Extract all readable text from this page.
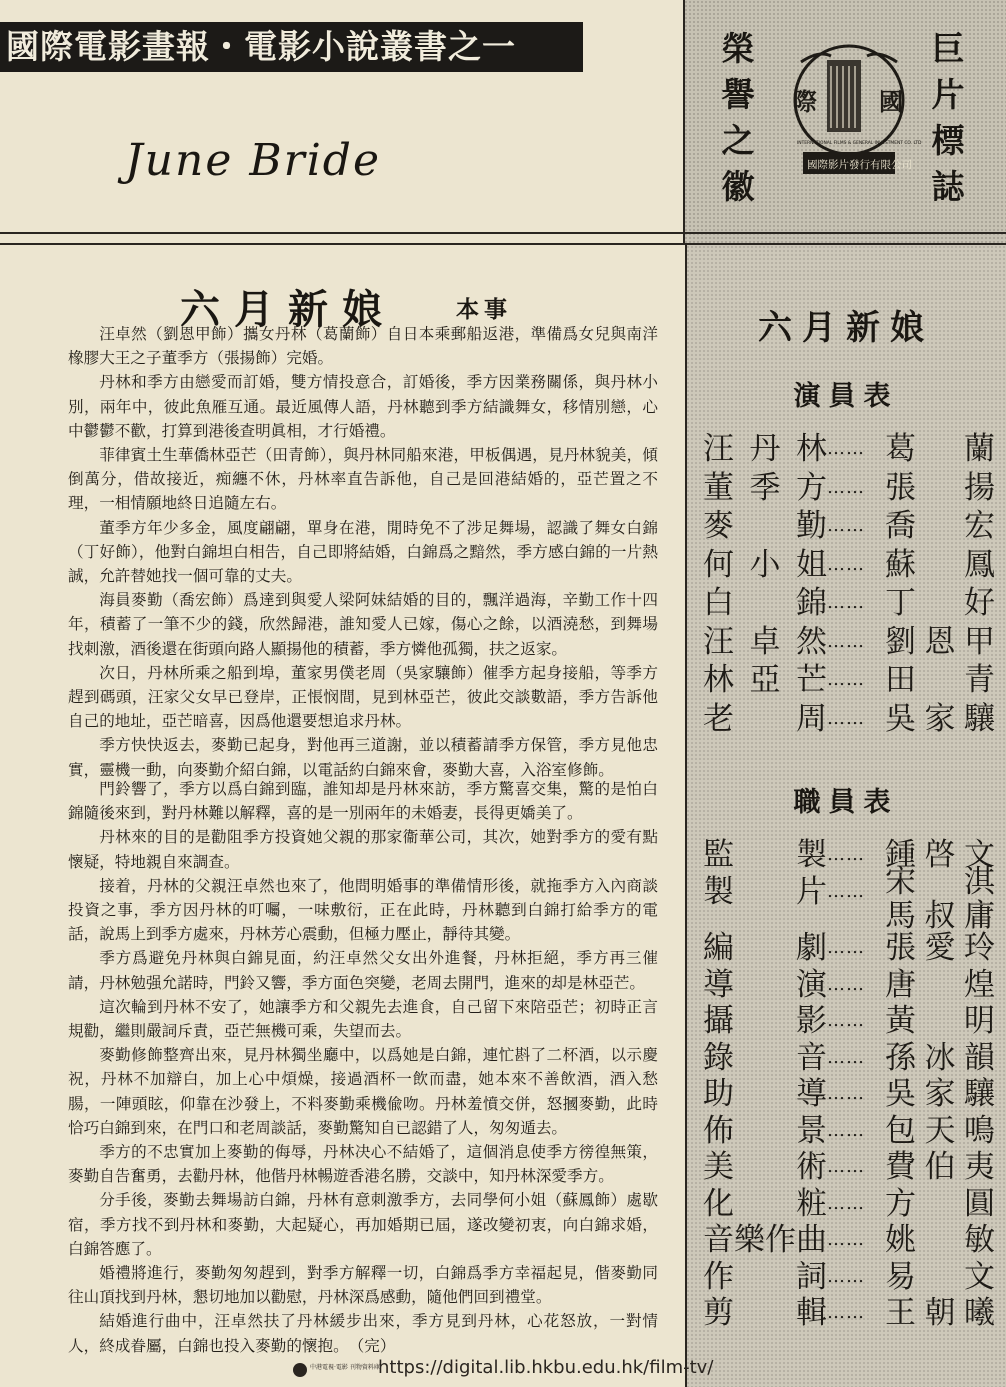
國際電影畫報・電影小說叢書之一
June Bride
榮
譽
之
徽
巨
片
標
誌
際	國
INTERNATIONAL FILMS & GENERAL INVESTMENT CO. LTD
國際影片發行有限公司
六月新娘
演員表
汪丹林 …… 葛蘭
董季方 …… 張揚
麥勤 …… 喬宏
何小姐 …… 蘇鳳
白錦 …… 丁好
汪卓然 …… 劉恩甲
林亞芒 …… 田青
老周 …… 吳家驤
職員表
監製 …… 鍾啓文
製片 …… 宋淇
馬叔庸
編劇 …… 張愛玲
導演 …… 唐煌
攝影 …… 黃明
錄音 …… 孫冰韻
助導 …… 吳家驤
佈景 …… 包天鳴
美術 …… 費伯夷
化粧 …… 方圓
音樂作曲 …… 姚敏
作詞 …… 易文
剪輯 …… 王朝曦
六月新娘	本事

汪卓然（劉恩甲飾）攜女丹林（葛蘭飾）自日本乘郵船返港，準備爲女兒與南洋橡膠大王之子董季方（張揚飾）完婚。

丹林和季方由戀愛而訂婚，雙方情投意合，訂婚後，季方因業務關係，與丹林小別，兩年中，彼此魚雁互通。最近風傳人語，丹林聽到季方結識舞女，移情別戀，心中鬱鬱不歡，打算到港後查明眞相，才行婚禮。

菲律賓土生華僑林亞芒（田青飾），與丹林同船來港，甲板偶遇，見丹林貌美，傾倒萬分，借故接近，痴纏不休，丹林率直告訴他，自己是回港結婚的，亞芒置之不理，一相情願地終日追隨左右。

董季方年少多金，風度翩翩，單身在港，閒時免不了涉足舞場，認識了舞女白錦（丁好飾），他對白錦坦白相告，自己即將結婚，白錦爲之黯然，季方感白錦的一片熱誠，允許替她找一個可靠的丈夫。

海員麥勤（喬宏飾）爲達到與愛人梁阿妹結婚的目的，飄洋過海，辛勤工作十四年，積蓄了一筆不少的錢，欣然歸港，誰知愛人已嫁，傷心之餘，以酒澆愁，到舞場找刺激，酒後還在街頭向路人顯揚他的積蓄，季方憐他孤獨，扶之返家。

次日，丹林所乘之船到埠，董家男僕老周（吳家驤飾）催季方起身接船，等季方趕到碼頭，汪家父女早已登岸，正悵悯間，見到林亞芒，彼此交談數語，季方告訴他自己的地址，亞芒暗喜，因爲他還要想追求丹林。

季方快快返去，麥勤已起身，對他再三道謝，並以積蓄請季方保管，季方見他忠實，靈機一動，向麥勤介紹白錦，以電話約白錦來會，麥勤大喜，入浴室修飾。

門鈴響了，季方以爲白錦到臨，誰知却是丹林來訪，季方驚喜交集，驚的是怕白錦隨後來到，對丹林難以解釋，喜的是一別兩年的未婚妻，長得更嬌美了。

丹林來的目的是勸阻季方投資她父親的那家衞華公司，其次，她對季方的愛有點懷疑，特地親自來調查。

接着，丹林的父親汪卓然也來了，他問明婚事的準備情形後，就拖季方入內商談投資之事，季方因丹林的叮囑，一味敷衍，正在此時，丹林聽到白錦打給季方的電話，說馬上到季方處來，丹林芳心震動，但極力壓止，靜待其變。

季方爲避免丹林與白錦見面，約汪卓然父女出外進餐，丹林拒絕，季方再三催請，丹林勉强允諾時，門鈴又響，季方面色突變，老周去開門，進來的却是林亞芒。

這次輪到丹林不安了，她讓季方和父親先去進食，自己留下來陪亞芒；初時正言規勸，繼則嚴詞斥責，亞芒無機可乘，失望而去。

麥勤修飾整齊出來，見丹林獨坐廳中，以爲她是白錦，連忙斟了二杯酒，以示慶祝，丹林不加辯白，加上心中煩燥，接過酒杯一飲而盡，她本來不善飲酒，酒入愁腸，一陣頭眩，仰靠在沙發上，不料麥勤乘機偸吻。丹林羞憤交併，怒摑麥勤，此時恰巧白錦到來，在門口和老周談話，麥勤驚知自已認錯了人，匆匆遁去。

季方的不忠實加上麥勤的侮辱，丹林决心不結婚了，這個消息使季方徬徨無策，麥勤自告奮勇，去勸丹林，他偕丹林暢遊香港名勝，交談中，知丹林深愛季方。

分手後，麥勤去舞場訪白錦，丹林有意刺激季方，去同學何小姐（蘇鳳飾）處歇宿，季方找不到丹林和麥勤，大起疑心，再加婚期已屆，遂改變初衷，向白錦求婚，白錦答應了。

婚禮將進行，麥勤匆匆趕到，對季方解釋一切，白錦爲季方幸福起見，偕麥勤同往山頂找到丹林，懇切地加以勸慰，丹林深爲感動，隨他們回到禮堂。

結婚進行曲中，汪卓然扶了丹林緩步出來，季方見到丹林，心花怒放，一對情人，終成眷屬，白錦也投入麥勤的懷抱。　（完）

中港電視‧電影 刊物資料庫
https://digital.lib.hkbu.edu.hk/film-tv/
